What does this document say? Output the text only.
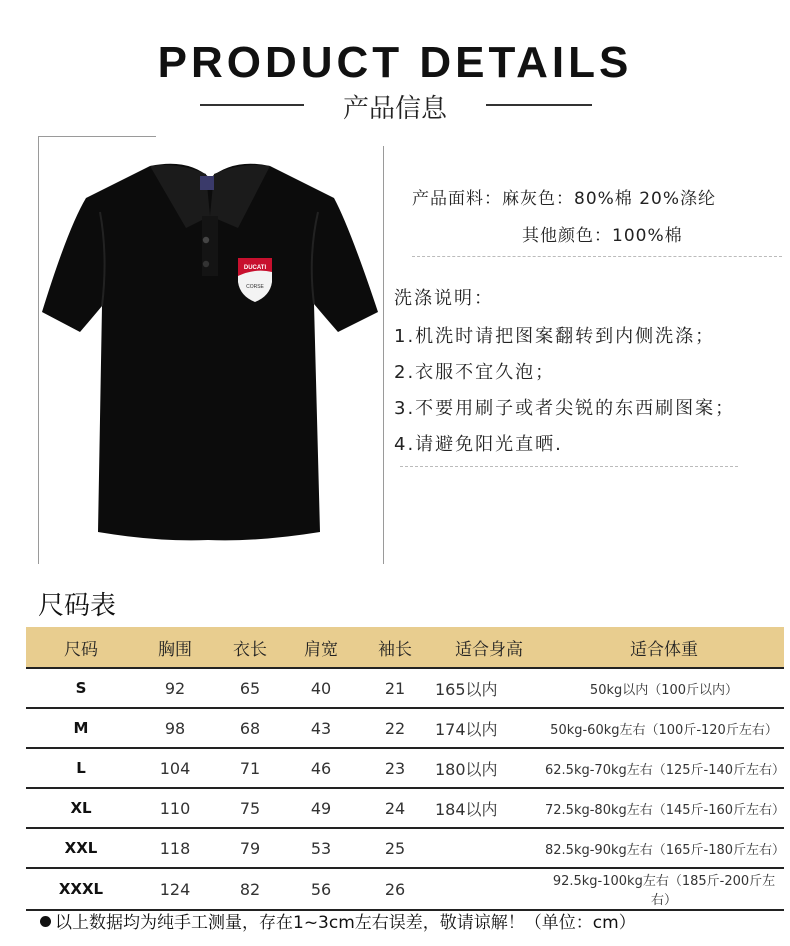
PRODUCT DETAILS
产品信息
DUCATI
CORSE
产品面料：麻灰色：80%棉 20%涤纶
其他颜色：100%棉
洗涤说明：
1.机洗时请把图案翻转到内侧洗涤；
2.衣服不宜久泡；
3.不要用刷子或者尖锐的东西刷图案；
4.请避免阳光直晒.
尺码表
尺码	胸围	衣长	肩宽	袖长	适合身高	适合体重
S	92	65	40	21	165以内	50kg以内（100斤以内）
M	98	68	43	22	174以内	50kg-60kg左右（100斤-120斤左右）
L	104	71	46	23	180以内	62.5kg-70kg左右（125斤-140斤左右）
XL	110	75	49	24	184以内	72.5kg-80kg左右（145斤-160斤左右）
XXL	118	79	53	25		82.5kg-90kg左右（165斤-180斤左右）
XXXL	124	82	56	26		92.5kg-100kg左右（185斤-200斤左右）
以上数据均为纯手工测量，存在1~3cm左右误差，敬请谅解！（单位：cm）
